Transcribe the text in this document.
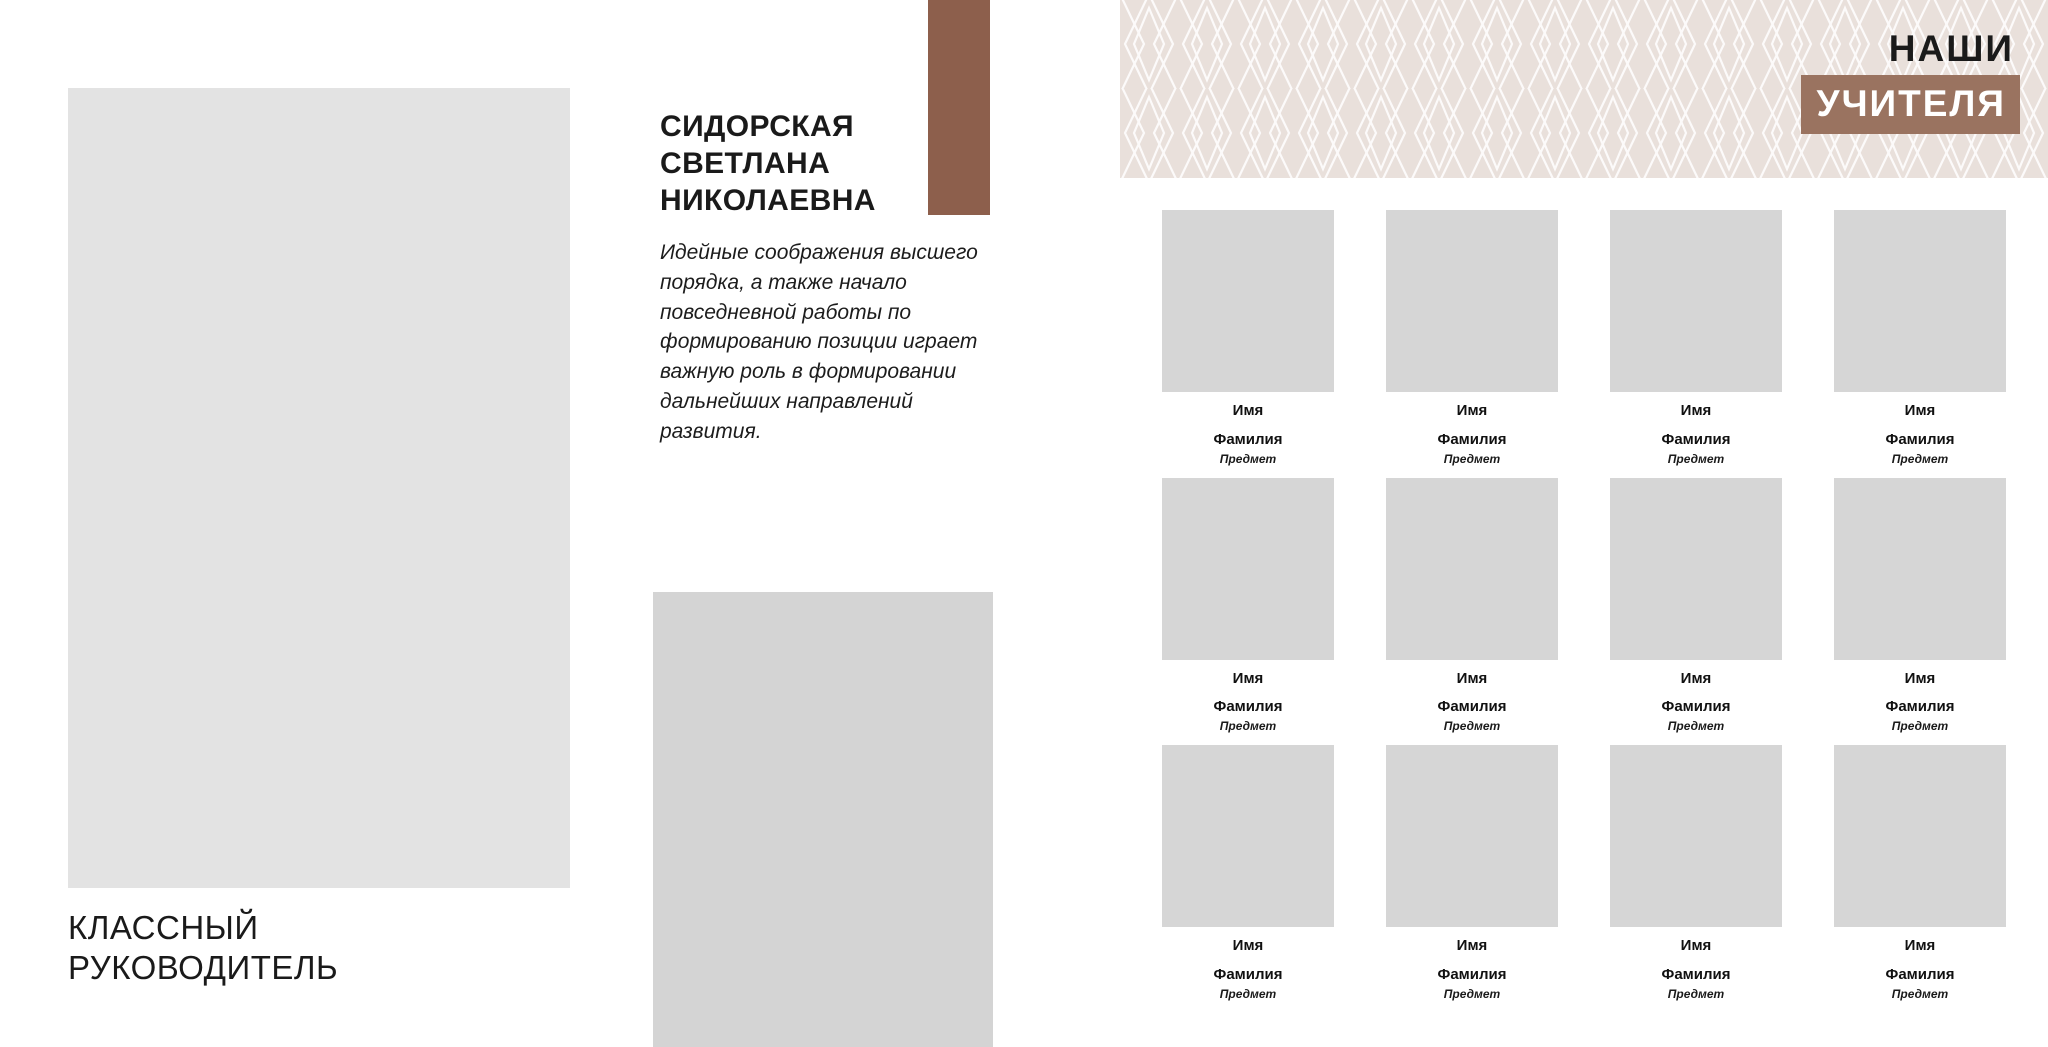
КЛАССНЫЙ РУКОВОДИТЕЛЬ
СИДОРСКАЯ СВЕТЛАНА НИКОЛАЕВНА
Идейные соображения высшего порядка, а также начало повседневной работы по формированию позиции играет важную роль в формировании дальнейших направлений развития.
НАШИ
УЧИТЕЛЯ
Имя
Фамилия
Предмет
Имя
Фамилия
Предмет
Имя
Фамилия
Предмет
Имя
Фамилия
Предмет
Имя
Фамилия
Предмет
Имя
Фамилия
Предмет
Имя
Фамилия
Предмет
Имя
Фамилия
Предмет
Имя
Фамилия
Предмет
Имя
Фамилия
Предмет
Имя
Фамилия
Предмет
Имя
Фамилия
Предмет
